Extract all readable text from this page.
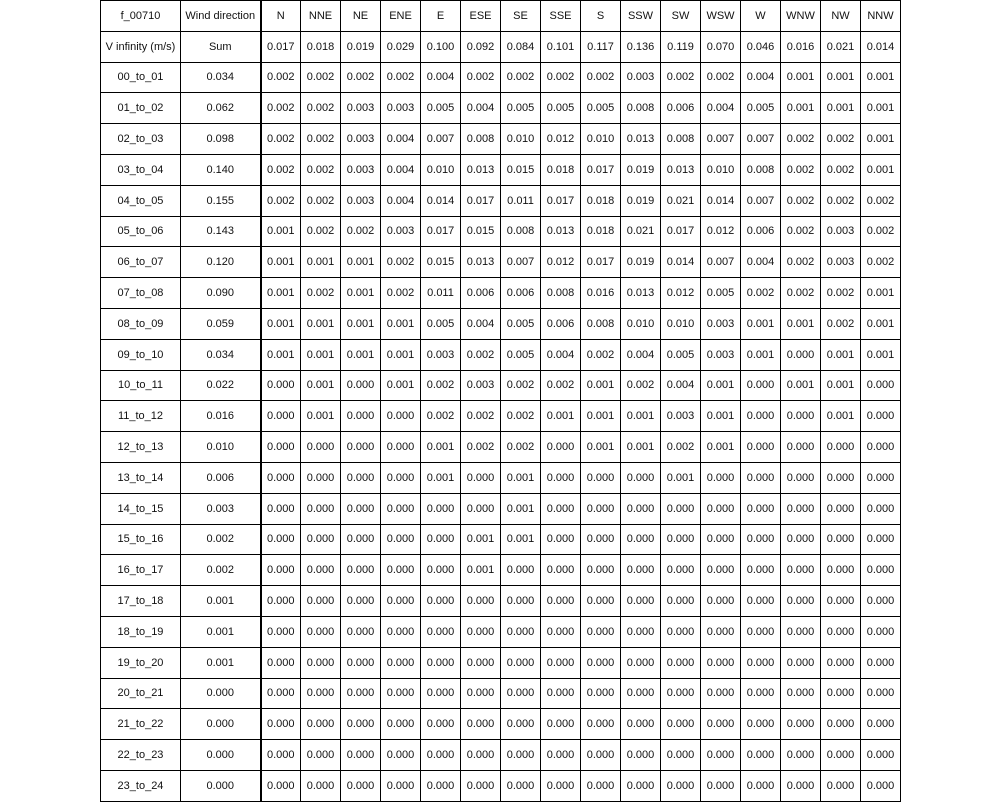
f_00710	Wind direction	N	NNE	NE	ENE	E	ESE	SE	SSE	S	SSW	SW	WSW	W	WNW	NW	NNW
V infinity (m/s)	Sum	0.017	0.018	0.019	0.029	0.100	0.092	0.084	0.101	0.117	0.136	0.119	0.070	0.046	0.016	0.021	0.014
00_to_01	0.034	0.002	0.002	0.002	0.002	0.004	0.002	0.002	0.002	0.002	0.003	0.002	0.002	0.004	0.001	0.001	0.001
01_to_02	0.062	0.002	0.002	0.003	0.003	0.005	0.004	0.005	0.005	0.005	0.008	0.006	0.004	0.005	0.001	0.001	0.001
02_to_03	0.098	0.002	0.002	0.003	0.004	0.007	0.008	0.010	0.012	0.010	0.013	0.008	0.007	0.007	0.002	0.002	0.001
03_to_04	0.140	0.002	0.002	0.003	0.004	0.010	0.013	0.015	0.018	0.017	0.019	0.013	0.010	0.008	0.002	0.002	0.001
04_to_05	0.155	0.002	0.002	0.003	0.004	0.014	0.017	0.011	0.017	0.018	0.019	0.021	0.014	0.007	0.002	0.002	0.002
05_to_06	0.143	0.001	0.002	0.002	0.003	0.017	0.015	0.008	0.013	0.018	0.021	0.017	0.012	0.006	0.002	0.003	0.002
06_to_07	0.120	0.001	0.001	0.001	0.002	0.015	0.013	0.007	0.012	0.017	0.019	0.014	0.007	0.004	0.002	0.003	0.002
07_to_08	0.090	0.001	0.002	0.001	0.002	0.011	0.006	0.006	0.008	0.016	0.013	0.012	0.005	0.002	0.002	0.002	0.001
08_to_09	0.059	0.001	0.001	0.001	0.001	0.005	0.004	0.005	0.006	0.008	0.010	0.010	0.003	0.001	0.001	0.002	0.001
09_to_10	0.034	0.001	0.001	0.001	0.001	0.003	0.002	0.005	0.004	0.002	0.004	0.005	0.003	0.001	0.000	0.001	0.001
10_to_11	0.022	0.000	0.001	0.000	0.001	0.002	0.003	0.002	0.002	0.001	0.002	0.004	0.001	0.000	0.001	0.001	0.000
11_to_12	0.016	0.000	0.001	0.000	0.000	0.002	0.002	0.002	0.001	0.001	0.001	0.003	0.001	0.000	0.000	0.001	0.000
12_to_13	0.010	0.000	0.000	0.000	0.000	0.001	0.002	0.002	0.000	0.001	0.001	0.002	0.001	0.000	0.000	0.000	0.000
13_to_14	0.006	0.000	0.000	0.000	0.000	0.001	0.000	0.001	0.000	0.000	0.000	0.001	0.000	0.000	0.000	0.000	0.000
14_to_15	0.003	0.000	0.000	0.000	0.000	0.000	0.000	0.001	0.000	0.000	0.000	0.000	0.000	0.000	0.000	0.000	0.000
15_to_16	0.002	0.000	0.000	0.000	0.000	0.000	0.001	0.001	0.000	0.000	0.000	0.000	0.000	0.000	0.000	0.000	0.000
16_to_17	0.002	0.000	0.000	0.000	0.000	0.000	0.001	0.000	0.000	0.000	0.000	0.000	0.000	0.000	0.000	0.000	0.000
17_to_18	0.001	0.000	0.000	0.000	0.000	0.000	0.000	0.000	0.000	0.000	0.000	0.000	0.000	0.000	0.000	0.000	0.000
18_to_19	0.001	0.000	0.000	0.000	0.000	0.000	0.000	0.000	0.000	0.000	0.000	0.000	0.000	0.000	0.000	0.000	0.000
19_to_20	0.001	0.000	0.000	0.000	0.000	0.000	0.000	0.000	0.000	0.000	0.000	0.000	0.000	0.000	0.000	0.000	0.000
20_to_21	0.000	0.000	0.000	0.000	0.000	0.000	0.000	0.000	0.000	0.000	0.000	0.000	0.000	0.000	0.000	0.000	0.000
21_to_22	0.000	0.000	0.000	0.000	0.000	0.000	0.000	0.000	0.000	0.000	0.000	0.000	0.000	0.000	0.000	0.000	0.000
22_to_23	0.000	0.000	0.000	0.000	0.000	0.000	0.000	0.000	0.000	0.000	0.000	0.000	0.000	0.000	0.000	0.000	0.000
23_to_24	0.000	0.000	0.000	0.000	0.000	0.000	0.000	0.000	0.000	0.000	0.000	0.000	0.000	0.000	0.000	0.000	0.000
